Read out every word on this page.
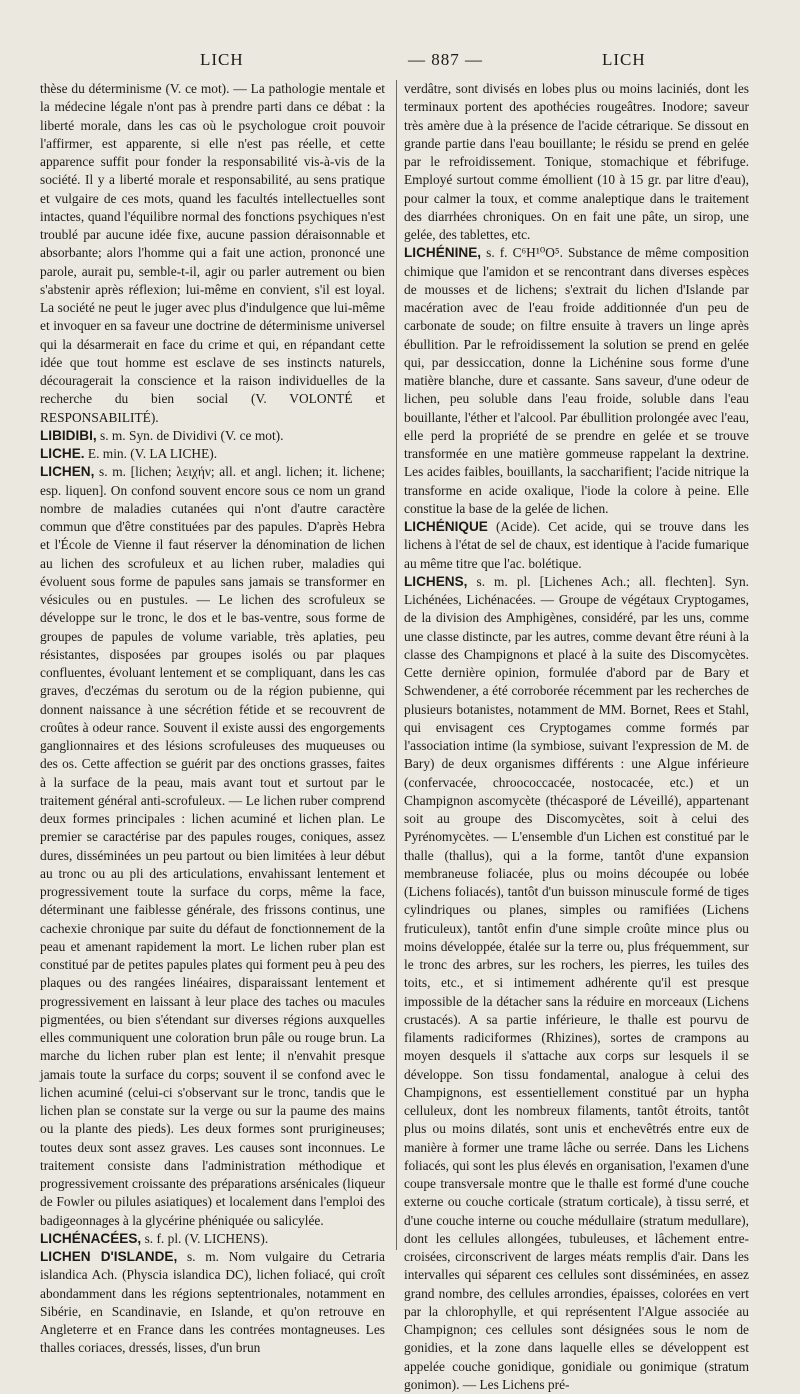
LICH	— 887 —	LICH

thèse du déterminisme (V. ce mot). — La pathologie mentale et la médecine légale n'ont pas à prendre parti dans ce débat : la liberté morale, dans les cas où le psychologue croit pouvoir l'affirmer, est apparente, si elle n'est pas réelle, et cette apparence suffit pour fonder la responsabilité vis-à-vis de la société. Il y a liberté morale et responsabilité, au sens pratique et vulgaire de ces mots, quand les facultés intellectuelles sont intactes, quand l'équilibre normal des fonctions psychiques n'est troublé par aucune idée fixe, aucune passion déraisonnable et absorbante; alors l'homme qui a fait une action, prononcé une parole, aurait pu, semble-t-il, agir ou parler autrement ou bien s'abstenir après réflexion; lui-même en convient, s'il est loyal. La société ne peut le juger avec plus d'indulgence que lui-même et invoquer en sa faveur une doctrine de déterminisme universel qui la désarmerait en face du crime et qui, en répandant cette idée que tout homme est esclave de ses instincts naturels, découragerait la conscience et la raison individuelles de la recherche du bien social (V. VOLONTÉ et RESPONSABILITÉ).

LIBIDIBI, s. m. Syn. de Dividivi (V. ce mot).

LICHE. E. min. (V. LA LICHE).

LICHEN, s. m. [lichen; λειχήν; all. et angl. lichen; it. lichene; esp. liquen]. On confond souvent encore sous ce nom un grand nombre de maladies cutanées qui n'ont d'autre caractère commun que d'être constituées par des papules. D'après Hebra et l'École de Vienne il faut réserver la dénomination de lichen au lichen des scrofuleux et au lichen ruber, maladies qui évoluent sous forme de papules sans jamais se transformer en vésicules ou en pustules. — Le lichen des scrofuleux se développe sur le tronc, le dos et le bas-ventre, sous forme de groupes de papules de volume variable, très aplaties, peu résistantes, disposées par groupes isolés ou par plaques confluentes, évoluant lentement et se compliquant, dans les cas graves, d'eczémas du serotum ou de la région pubienne, qui donnent naissance à une sécrétion fétide et se recouvrent de croûtes à odeur rance. Souvent il existe aussi des engorgements ganglionnaires et des lésions scrofuleuses des muqueuses ou des os. Cette affection se guérit par des onctions grasses, faites à la surface de la peau, mais avant tout et surtout par le traitement général anti-scrofuleux. — Le lichen ruber comprend deux formes principales : lichen acuminé et lichen plan. Le premier se caractérise par des papules rouges, coniques, assez dures, disséminées un peu partout ou bien limitées à leur début au tronc ou au pli des articulations, envahissant lentement et progressivement toute la surface du corps, même la face, déterminant une faiblesse générale, des frissons continus, une cachexie chronique par suite du défaut de fonctionnement de la peau et amenant rapidement la mort. Le lichen ruber plan est constitué par de petites papules plates qui forment peu à peu des plaques ou des rangées linéaires, disparaissant lentement et progressivement en laissant à leur place des taches ou macules pigmentées, ou bien s'étendant sur diverses régions auxquelles elles communiquent une coloration brun pâle ou rouge brun. La marche du lichen ruber plan est lente; il n'envahit presque jamais toute la surface du corps; souvent il se confond avec le lichen acuminé (celui-ci s'observant sur le tronc, tandis que le lichen plan se constate sur la verge ou sur la paume des mains ou la plante des pieds). Les deux formes sont prurigineuses; toutes deux sont assez graves. Les causes sont inconnues. Le traitement consiste dans l'administration méthodique et progressivement croissante des préparations arsénicales (liqueur de Fowler ou pilules asiatiques) et localement dans l'emploi des badigeonnages à la glycérine phéniquée ou salicylée.

LICHÉNACÉES, s. f. pl. (V. LICHENS).

LICHEN D'ISLANDE, s. m. Nom vulgaire du Cetraria islandica Ach. (Physcia islandica DC), lichen foliacé, qui croît abondamment dans les régions septentrionales, notamment en Sibérie, en Scandinavie, en Islande, et qu'on retrouve en Angleterre et en France dans les contrées montagneuses. Les thalles coriaces, dressés, lisses, d'un brun

verdâtre, sont divisés en lobes plus ou moins laciniés, dont les terminaux portent des apothécies rougeâtres. Inodore; saveur très amère due à la présence de l'acide cétrarique. Se dissout en grande partie dans l'eau bouillante; le résidu se prend en gelée par le refroidissement. Tonique, stomachique et fébrifuge. Employé surtout comme émollient (10 à 15 gr. par litre d'eau), pour calmer la toux, et comme analeptique dans le traitement des diarrhées chroniques. On en fait une pâte, un sirop, une gelée, des tablettes, etc.

LICHÉNINE, s. f. C⁶H¹⁰O⁵. Substance de même composition chimique que l'amidon et se rencontrant dans diverses espèces de mousses et de lichens; s'extrait du lichen d'Islande par macération avec de l'eau froide additionnée d'un peu de carbonate de soude; on filtre ensuite à travers un linge après ébullition. Par le refroidissement la solution se prend en gelée qui, par dessiccation, donne la Lichénine sous forme d'une matière blanche, dure et cassante. Sans saveur, d'une odeur de lichen, peu soluble dans l'eau froide, soluble dans l'eau bouillante, l'éther et l'alcool. Par ébullition prolongée avec l'eau, elle perd la propriété de se prendre en gelée et se trouve transformée en une matière gommeuse rappelant la dextrine. Les acides faibles, bouillants, la saccharifient; l'acide nitrique la transforme en acide oxalique, l'iode la colore à peine. Elle constitue la base de la gelée de lichen.

LICHÉNIQUE (Acide). Cet acide, qui se trouve dans les lichens à l'état de sel de chaux, est identique à l'acide fumarique au même titre que l'ac. bolétique.

LICHENS, s. m. pl. [Lichenes Ach.; all. flechten]. Syn. Lichénées, Lichénacées. — Groupe de végétaux Cryptogames, de la division des Amphigènes, considéré, par les uns, comme une classe distincte, par les autres, comme devant être réuni à la classe des Champignons et placé à la suite des Discomycètes. Cette dernière opinion, formulée d'abord par de Bary et Schwendener, a été corroborée récemment par les recherches de plusieurs botanistes, notamment de MM. Bornet, Rees et Stahl, qui envisagent ces Cryptogames comme formés par l'association intime (la symbiose, suivant l'expression de M. de Bary) de deux organismes différents : une Algue inférieure (confervacée, chroococcacée, nostocacée, etc.) et un Champignon ascomycète (thécasporé de Léveillé), appartenant soit au groupe des Discomycètes, soit à celui des Pyrénomycètes. — L'ensemble d'un Lichen est constitué par le thalle (thallus), qui a la forme, tantôt d'une expansion membraneuse foliacée, plus ou moins découpée ou lobée (Lichens foliacés), tantôt d'un buisson minuscule formé de tiges cylindriques ou planes, simples ou ramifiées (Lichens fruticuleux), tantôt enfin d'une simple croûte mince plus ou moins développée, étalée sur la terre ou, plus fréquemment, sur le tronc des arbres, sur les rochers, les pierres, les tuiles des toits, etc., et si intimement adhérente qu'il est presque impossible de la détacher sans la réduire en morceaux (Lichens crustacés). A sa partie inférieure, le thalle est pourvu de filaments radiciformes (Rhizines), sortes de crampons au moyen desquels il s'attache aux corps sur lesquels il se développe. Son tissu fondamental, analogue à celui des Champignons, est essentiellement constitué par un hypha celluleux, dont les nombreux filaments, tantôt étroits, tantôt plus ou moins dilatés, sont unis et enchevêtrés entre eux de manière à former une trame lâche ou serrée. Dans les Lichens foliacés, qui sont les plus élevés en organisation, l'examen d'une coupe transversale montre que le thalle est formé d'une couche externe ou couche corticale (stratum corticale), à tissu serré, et d'une couche interne ou couche médullaire (stratum medullare), dont les cellules allongées, tubuleuses, et lâchement entre-croisées, circonscrivent de larges méats remplis d'air. Dans les intervalles qui séparent ces cellules sont disséminées, en assez grand nombre, des cellules arrondies, épaisses, colorées en vert par la chlorophylle, et qui représentent l'Algue associée au Champignon; ces cellules sont désignées sous le nom de gonidies, et la zone dans laquelle elles se développent est appelée couche gonidique, gonidiale ou gonimique (stratum gonimon). — Les Lichens pré-
